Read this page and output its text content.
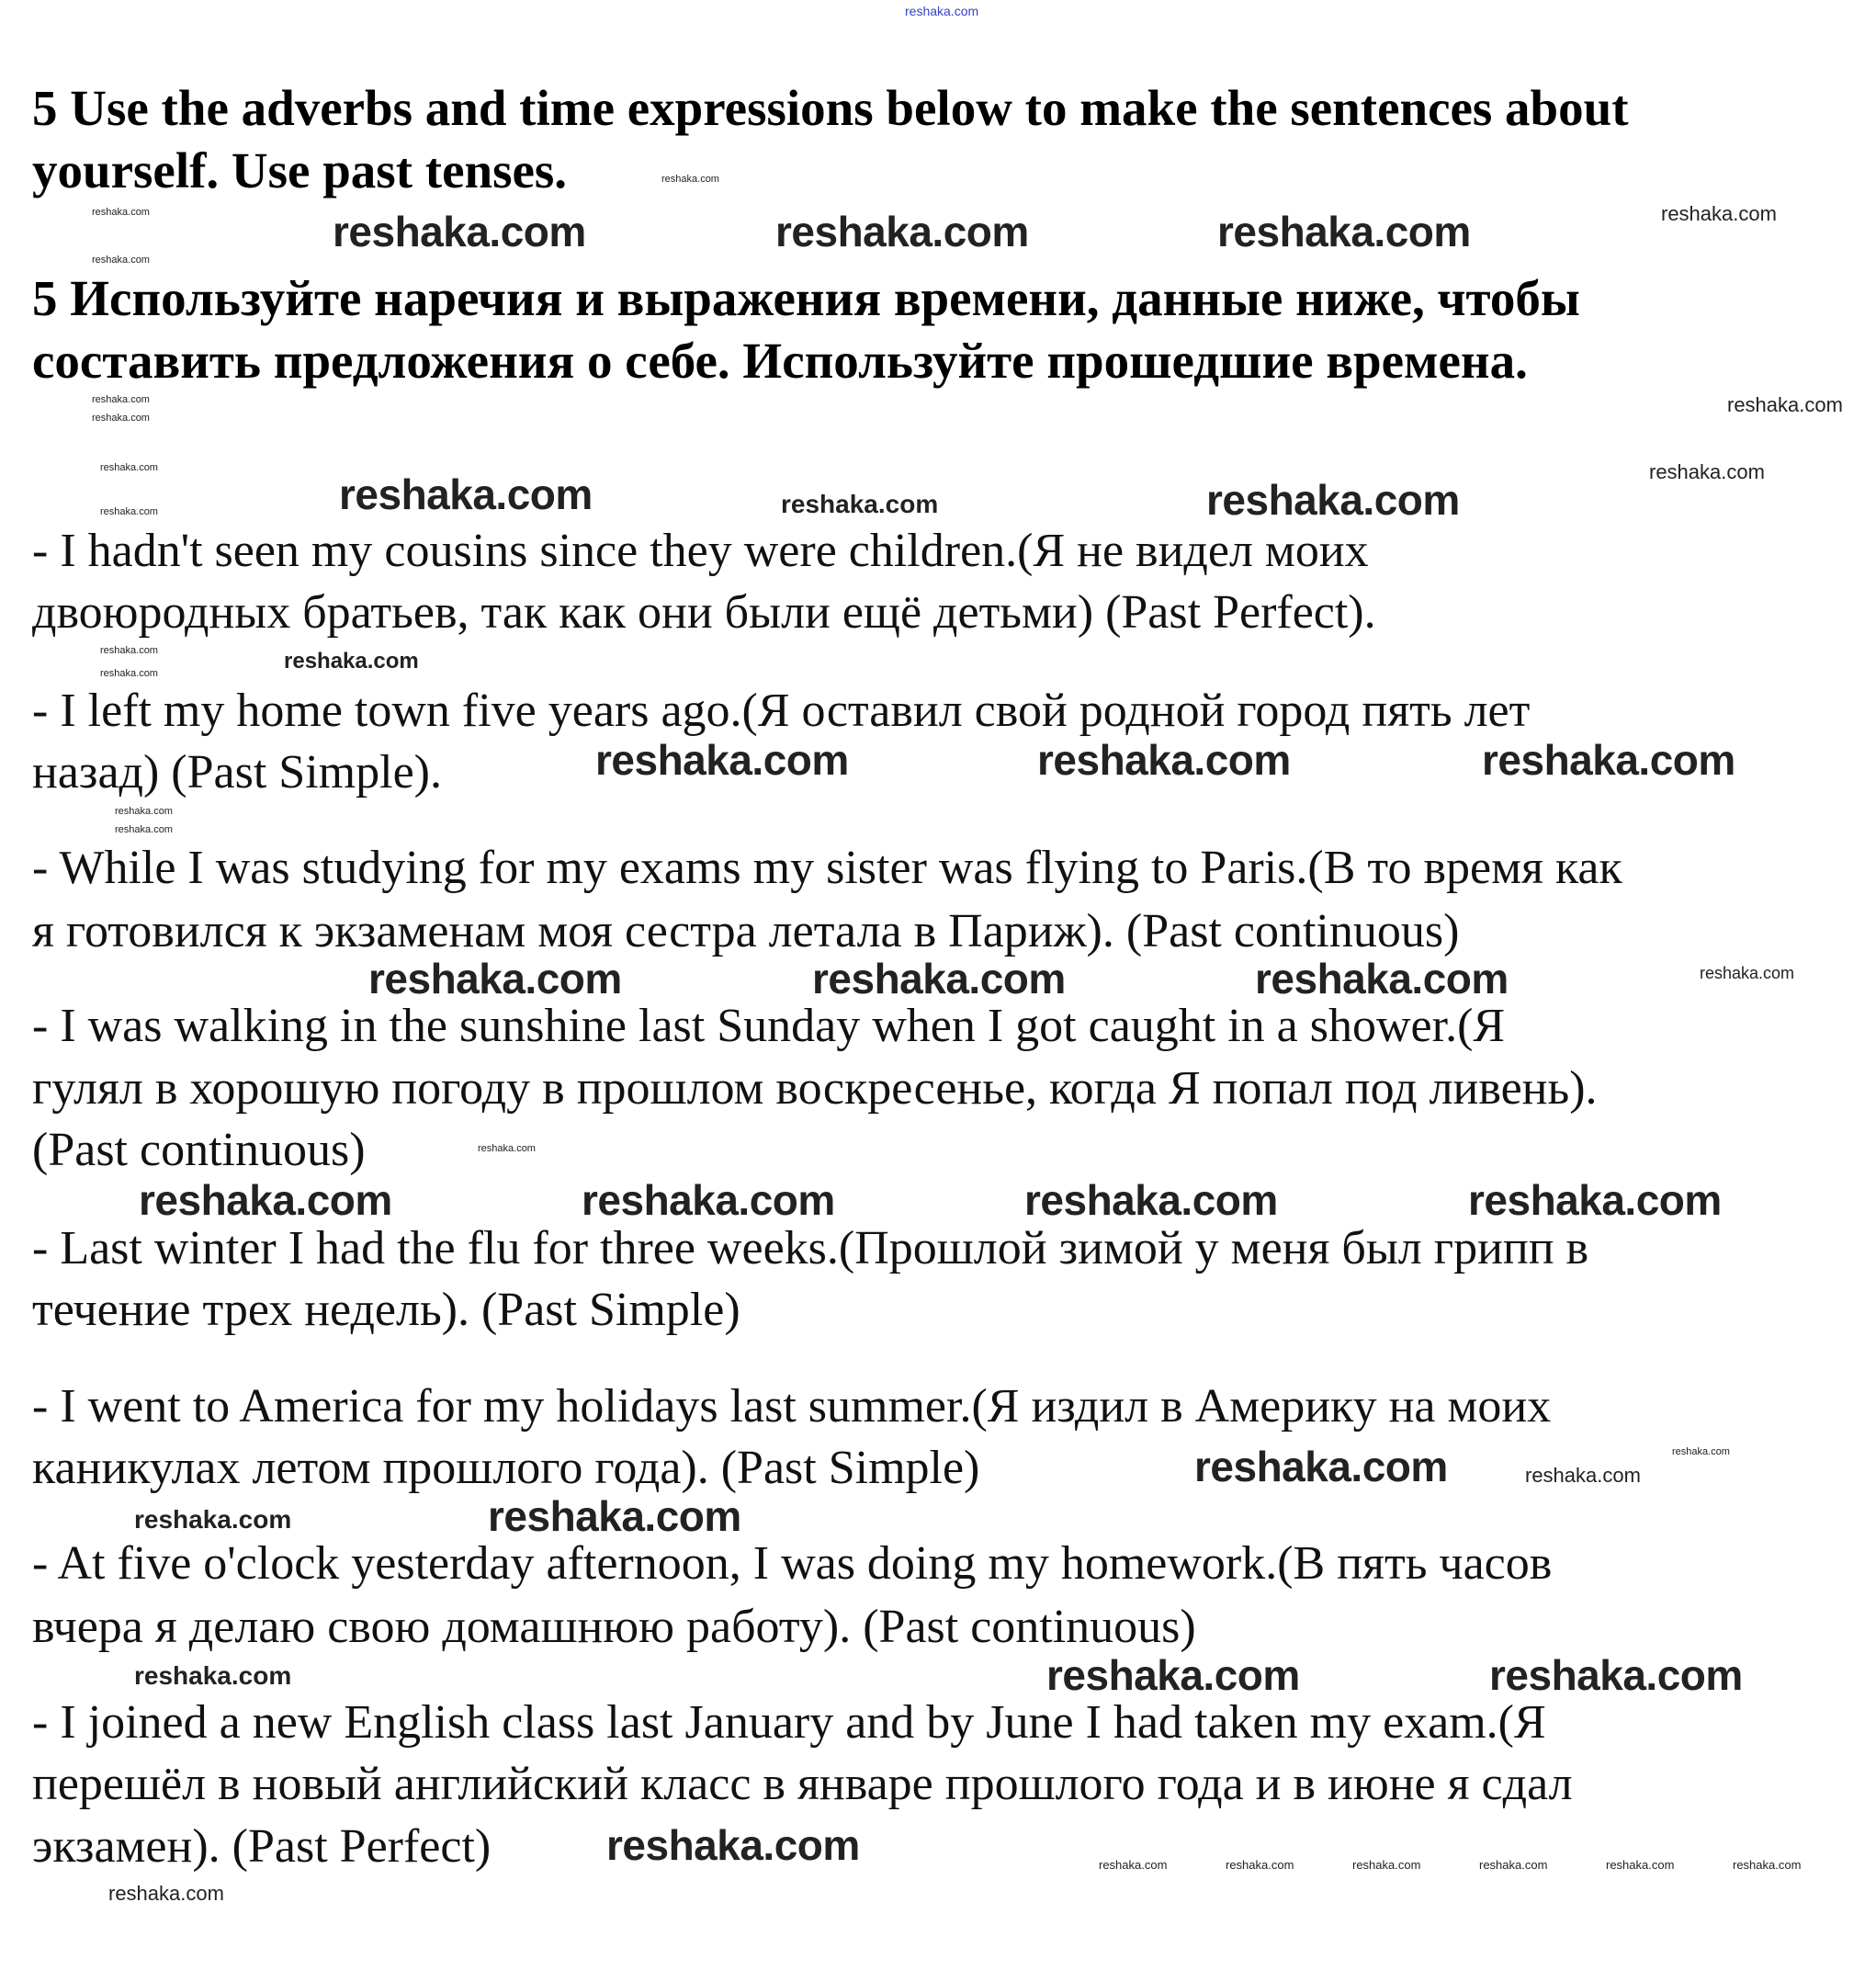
reshaka.com
5 Use the adverbs and time expressions below to make the sentences about
yourself. Use past tenses.
5 Используйте наречия и выражения времени, данные ниже, чтобы
составить предложения о себе. Используйте прошедшие времена.
- I hadn't seen my cousins since they were children.(Я не видел моих
двоюродных братьев, так как они были ещё детьми) (Past Perfect).
- I left my home town five years ago.(Я оставил свой родной город пять лет
назад) (Past Simple).
- While I was studying for my exams my sister was flying to Paris.(В то время как
я готовился к экзаменам моя сестра летала в Париж). (Past continuous)
- I was walking in the sunshine last Sunday when I got caught in a shower.(Я
гулял в хорошую погоду в прошлом воскресенье, когда Я попал под ливень).
(Past continuous)
- Last winter I had the flu for three weeks.(Прошлой зимой у меня был грипп в
течение трех недель). (Past Simple)
- I went to America for my holidays last summer.(Я издил в Америку на моих
каникулах летом прошлого года). (Past Simple)
- At five o'clock yesterday afternoon, I was doing my homework.(В пять часов
вчера я делаю свою домашнюю работу). (Past continuous)
- I joined a new English class last January and by June I had taken my exam.(Я
перешёл в новый английский класс в январе прошлого года и в июне я сдал
экзамен). (Past Perfect)
reshaka.com	reshaka.com	reshaka.com
reshaka.com	reshaka.com
reshaka.com
reshaka.com
reshaka.com	reshaka.com	reshaka.com
reshaka.com	reshaka.com	reshaka.com
reshaka.com	reshaka.com	reshaka.com	reshaka.com
reshaka.com
reshaka.com
reshaka.com
reshaka.com	reshaka.com
reshaka.com
reshaka.com
reshaka.com
reshaka.com
reshaka.com
reshaka.com
reshaka.com
reshaka.com
reshaka.com
reshaka.com
reshaka.com
reshaka.com
reshaka.com
reshaka.com
reshaka.com
reshaka.com
reshaka.com
reshaka.com
reshaka.com
reshaka.com
reshaka.com
reshaka.com	reshaka.com	reshaka.com	reshaka.com	reshaka.com	reshaka.com
